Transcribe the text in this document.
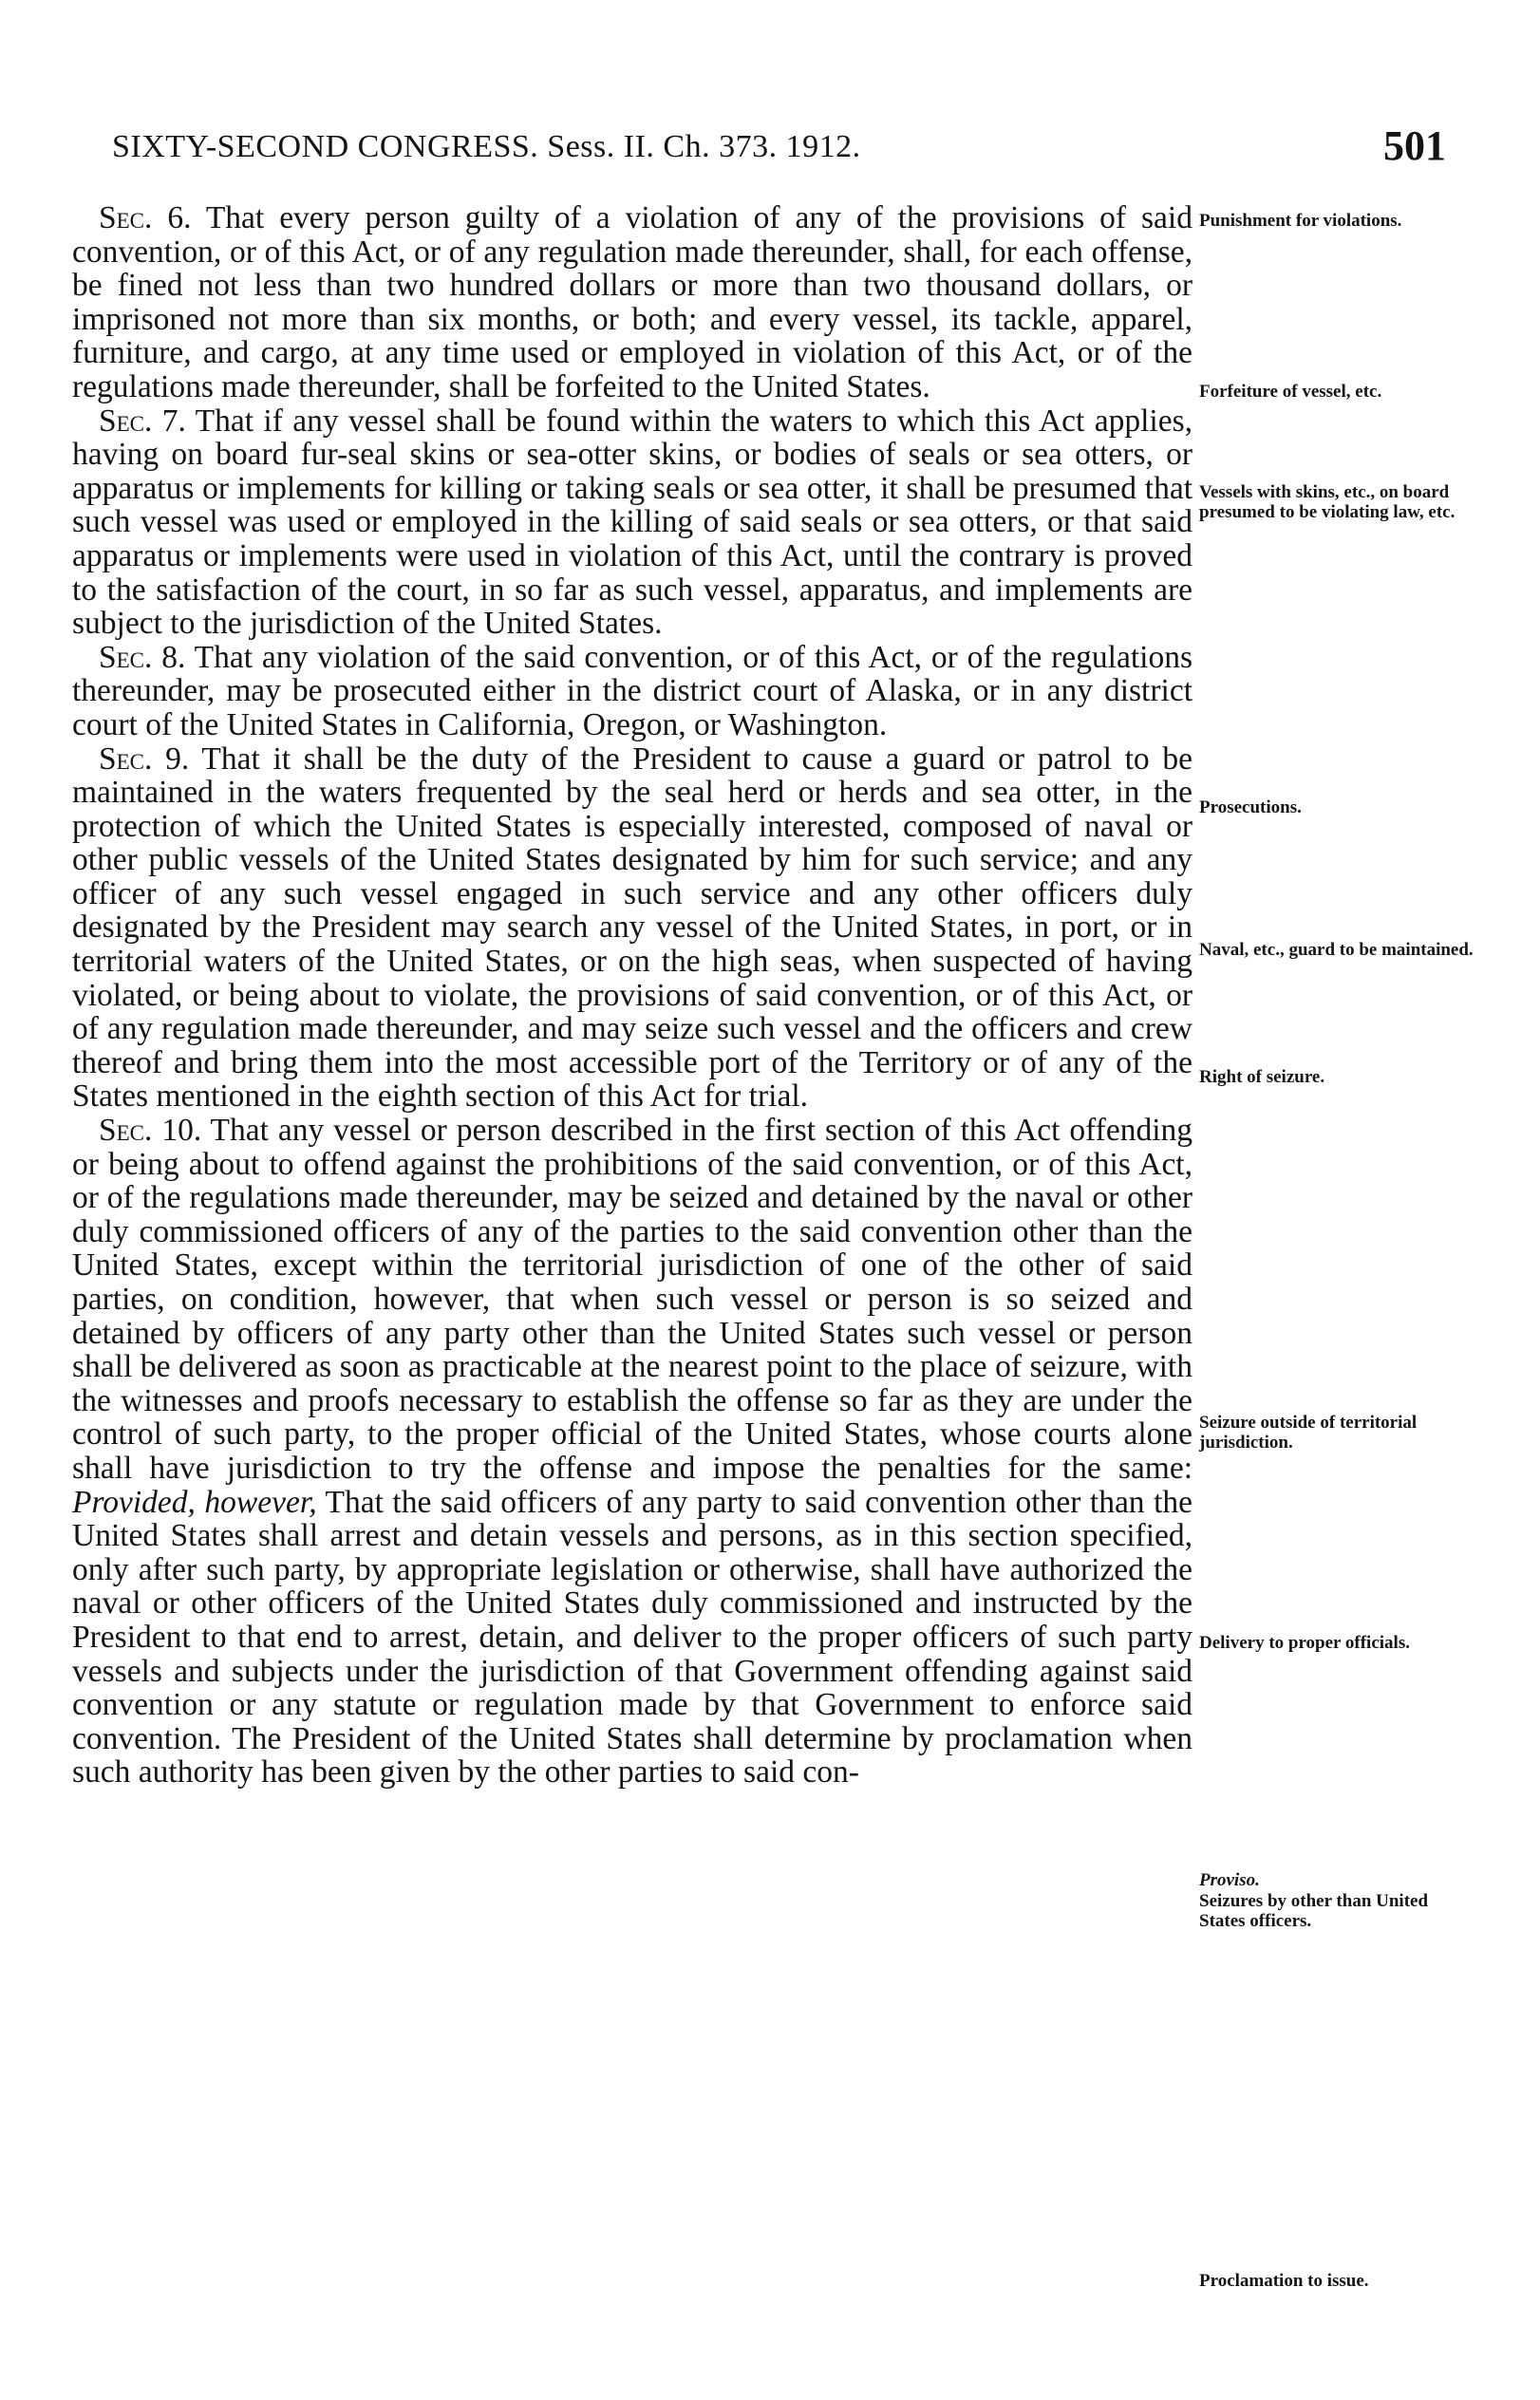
SIXTY-SECOND CONGRESS. Sess. II. Ch. 373. 1912.	501

Sec. 6. That every person guilty of a violation of any of the provisions of said convention, or of this Act, or of any regulation made thereunder, shall, for each offense, be fined not less than two hundred dollars or more than two thousand dollars, or imprisoned not more than six months, or both; and every vessel, its tackle, apparel, furniture, and cargo, at any time used or employed in violation of this Act, or of the regulations made thereunder, shall be forfeited to the United States.

Sec. 7. That if any vessel shall be found within the waters to which this Act applies, having on board fur-seal skins or sea-otter skins, or bodies of seals or sea otters, or apparatus or implements for killing or taking seals or sea otter, it shall be presumed that such vessel was used or employed in the killing of said seals or sea otters, or that said apparatus or implements were used in violation of this Act, until the contrary is proved to the satisfaction of the court, in so far as such vessel, apparatus, and implements are subject to the jurisdiction of the United States.

Sec. 8. That any violation of the said convention, or of this Act, or of the regulations thereunder, may be prosecuted either in the district court of Alaska, or in any district court of the United States in California, Oregon, or Washington.

Sec. 9. That it shall be the duty of the President to cause a guard or patrol to be maintained in the waters frequented by the seal herd or herds and sea otter, in the protection of which the United States is especially interested, composed of naval or other public vessels of the United States designated by him for such service; and any officer of any such vessel engaged in such service and any other officers duly designated by the President may search any vessel of the United States, in port, or in territorial waters of the United States, or on the high seas, when suspected of having violated, or being about to violate, the provisions of said convention, or of this Act, or of any regulation made thereunder, and may seize such vessel and the officers and crew thereof and bring them into the most accessible port of the Territory or of any of the States mentioned in the eighth section of this Act for trial.

Sec. 10. That any vessel or person described in the first section of this Act offending or being about to offend against the prohibitions of the said convention, or of this Act, or of the regulations made thereunder, may be seized and detained by the naval or other duly commissioned officers of any of the parties to the said convention other than the United States, except within the territorial jurisdiction of one of the other of said parties, on condition, however, that when such vessel or person is so seized and detained by officers of any party other than the United States such vessel or person shall be delivered as soon as practicable at the nearest point to the place of seizure, with the witnesses and proofs necessary to establish the offense so far as they are under the control of such party, to the proper official of the United States, whose courts alone shall have jurisdiction to try the offense and impose the penalties for the same: Provided, however, That the said officers of any party to said convention other than the United States shall arrest and detain vessels and persons, as in this section specified, only after such party, by appropriate legislation or otherwise, shall have authorized the naval or other officers of the United States duly commissioned and instructed by the President to that end to arrest, detain, and deliver to the proper officers of such party vessels and subjects under the jurisdiction of that Government offending against said convention or any statute or regulation made by that Government to enforce said convention. The President of the United States shall determine by proclamation when such authority has been given by the other parties to said con-

Punishment for violations.
Forfeiture of vessel, etc.
Vessels with skins, etc., on board presumed to be violating law, etc.
Prosecutions.
Naval, etc., guard to be maintained.
Right of seizure.
Seizure outside of territorial jurisdiction.
Delivery to proper officials.
Proviso.
Seizures by other than United States officers.
Proclamation to issue.
